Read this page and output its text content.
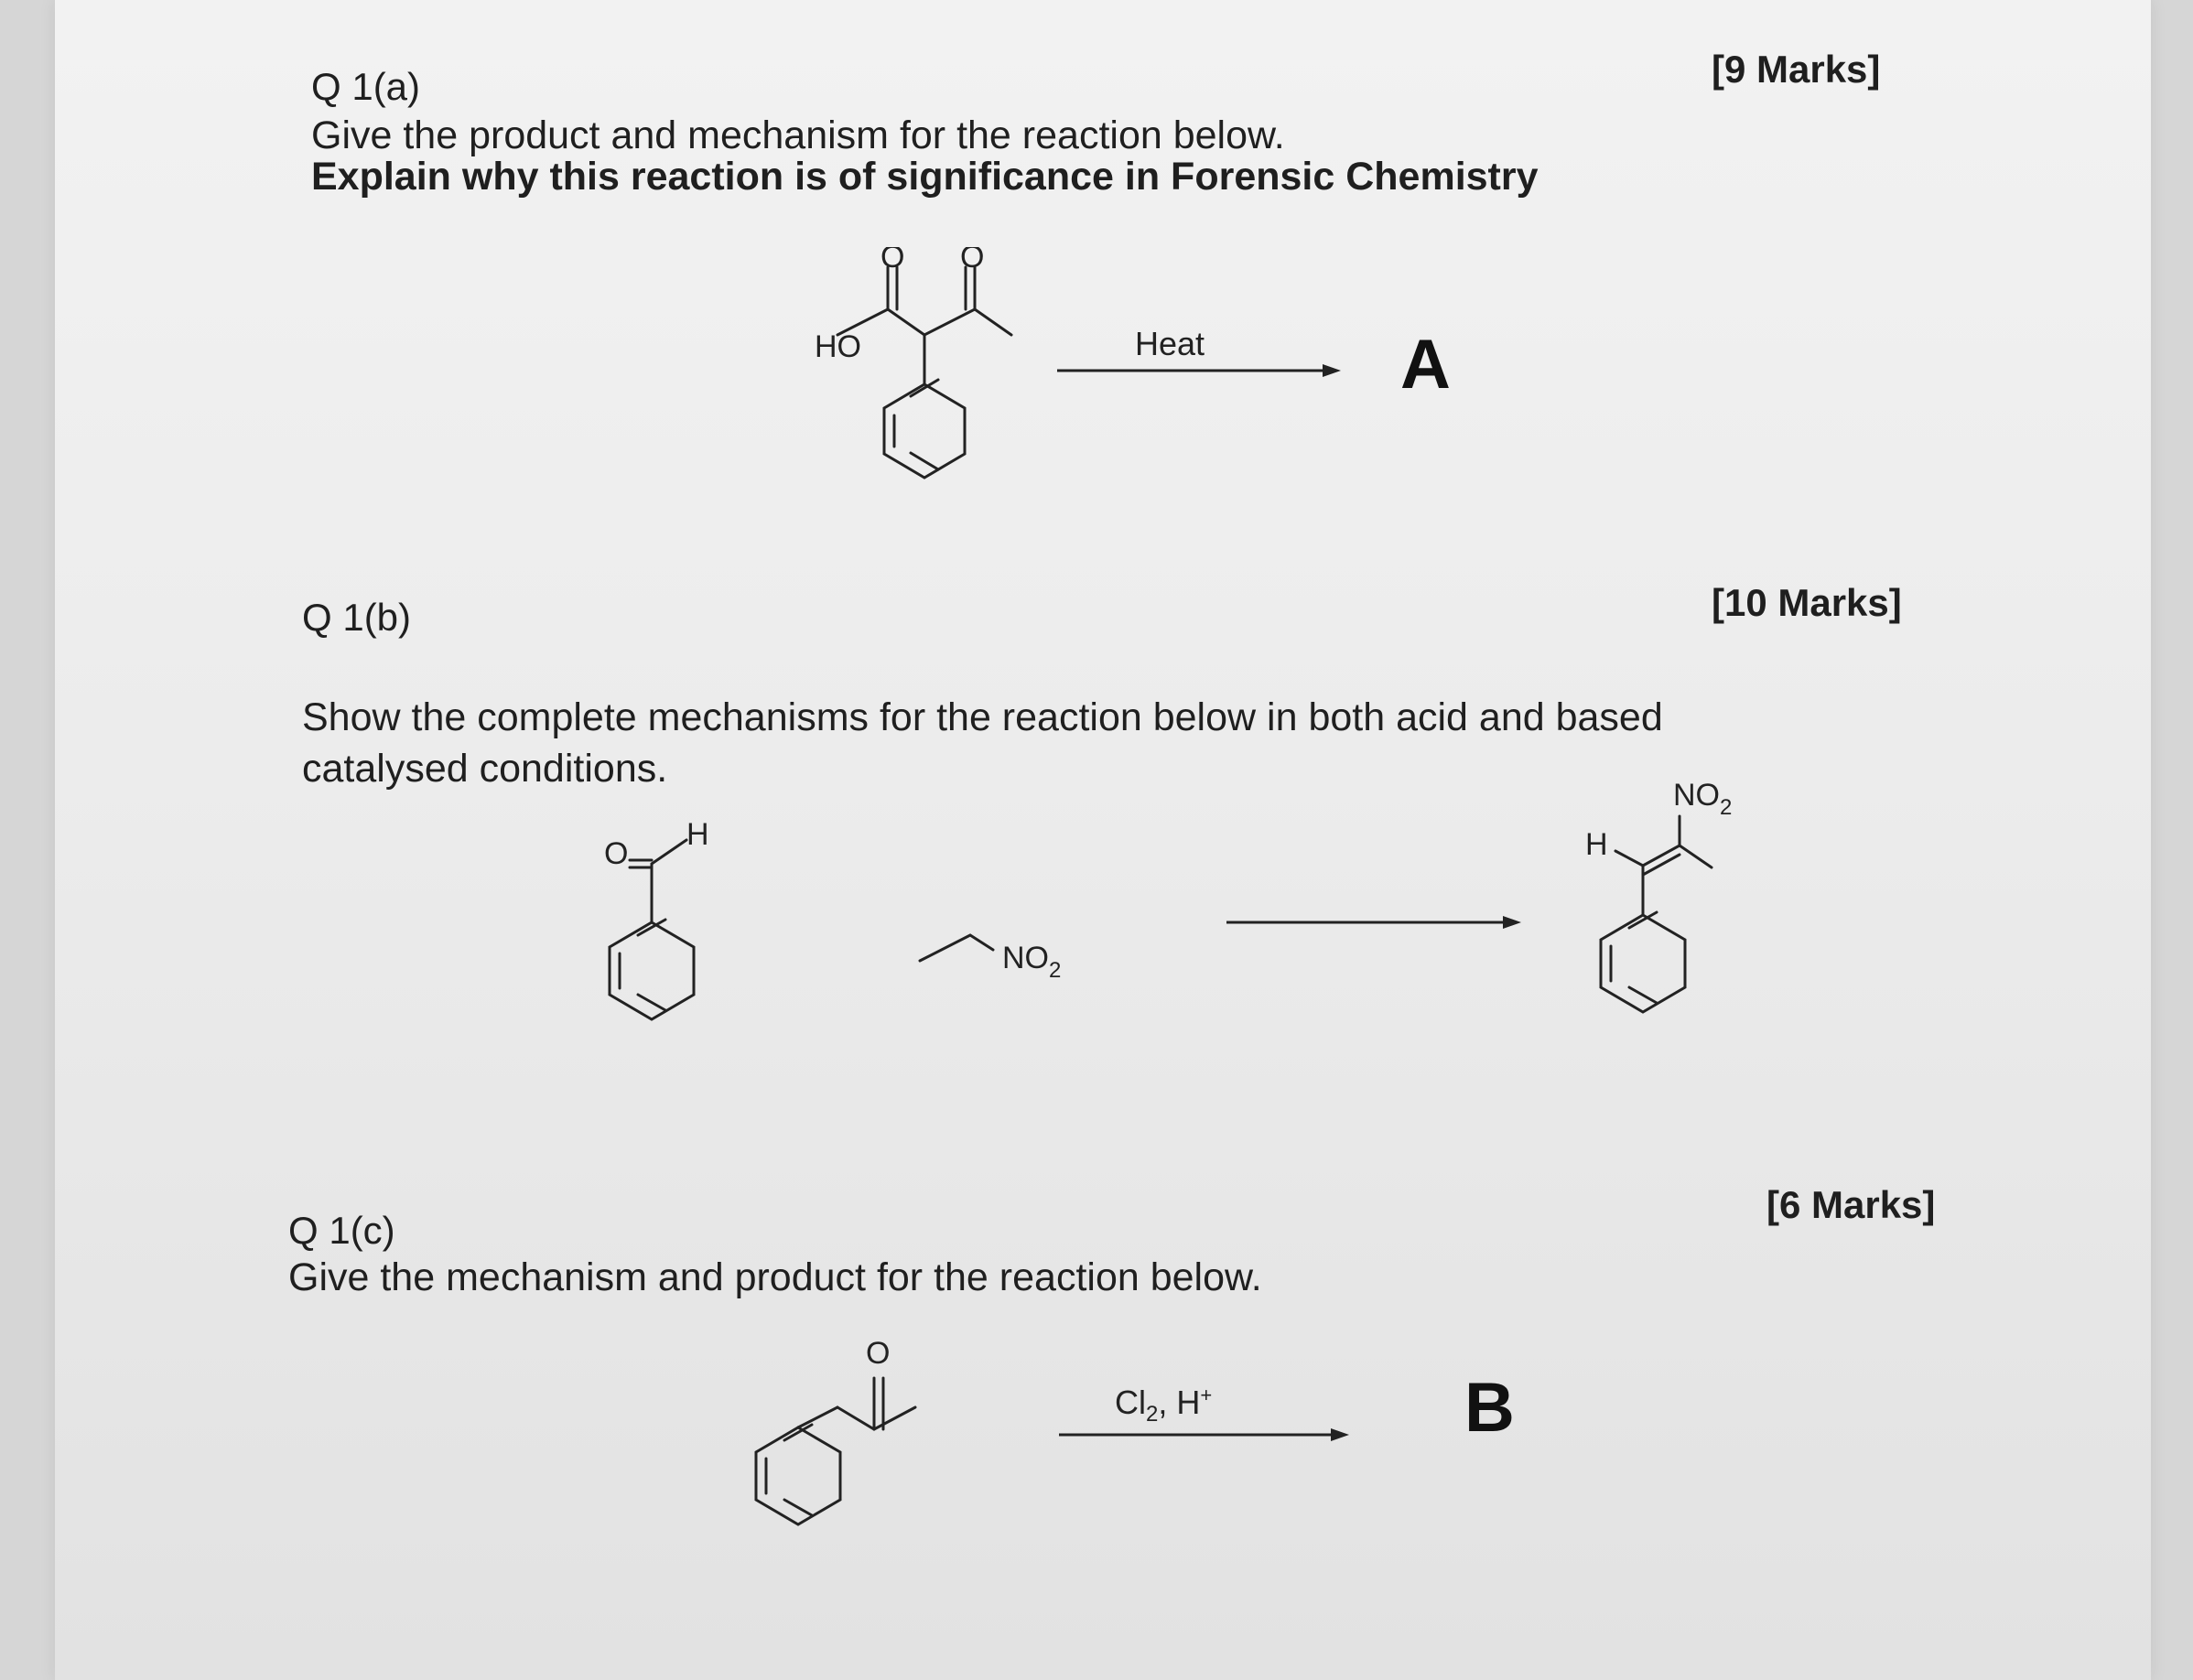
Q 1(a)	[9 Marks]
Give the product and mechanism for the reaction below.
Explain why this reaction is of significance in Forensic Chemistry
HO
O O
Heat	A
Q 1(b)	[10 Marks]
Show the complete mechanisms for the reaction below in both acid and based
catalysed conditions.
O
H
$NO_2$
H
$NO_2$
Q 1(c)
[6 Marks]
Give the mechanism and product for the reaction below.
O
$Cl_2$, H+	B
